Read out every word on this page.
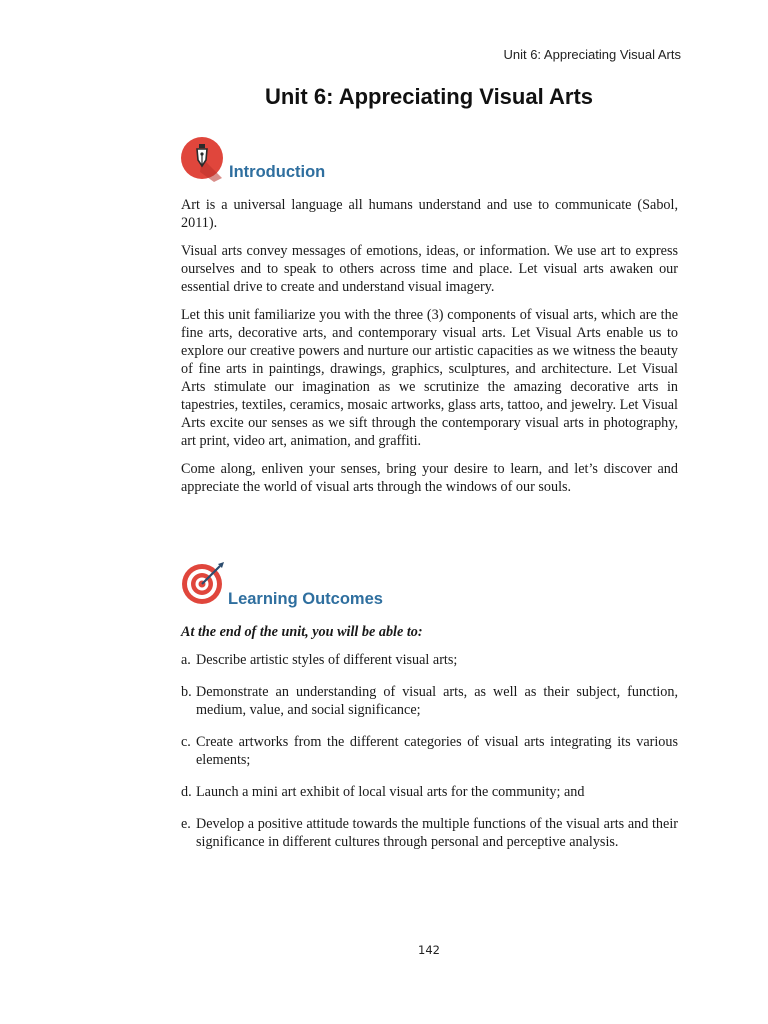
Unit 6: Appreciating Visual Arts
Unit 6: Appreciating Visual Arts
Introduction

Art is a universal language all humans understand and use to communicate (Sabol, 2011).

Visual arts convey messages of emotions, ideas, or information. We use art to express ourselves and to speak to others across time and place. Let visual arts awaken our essential drive to create and understand visual imagery.

Let this unit familiarize you with the three (3) components of visual arts, which are the fine arts, decorative arts, and contemporary visual arts. Let Visual Arts enable us to explore our creative powers and nurture our artistic capacities as we witness the beauty of fine arts in paintings, drawings, graphics, sculptures, and architecture. Let Visual Arts stimulate our imagination as we scrutinize the amazing decorative arts in tapestries, textiles, ceramics, mosaic artworks, glass arts, tattoo, and jewelry. Let Visual Arts excite our senses as we sift through the contemporary visual arts in photography, art print, video art, animation, and graffiti.

Come along, enliven your senses, bring your desire to learn, and let’s discover and appreciate the world of visual arts through the windows of our souls.

Learning Outcomes

At the end of the unit, you will be able to:

a. Describe artistic styles of different visual arts;
b. Demonstrate an understanding of visual arts, as well as their subject, function, medium, value, and social significance;
c. Create artworks from the different categories of visual arts integrating its various elements;
d. Launch a mini art exhibit of local visual arts for the community; and
e. Develop a positive attitude towards the multiple functions of the visual arts and their significance in different cultures through personal and perceptive analysis.
142
